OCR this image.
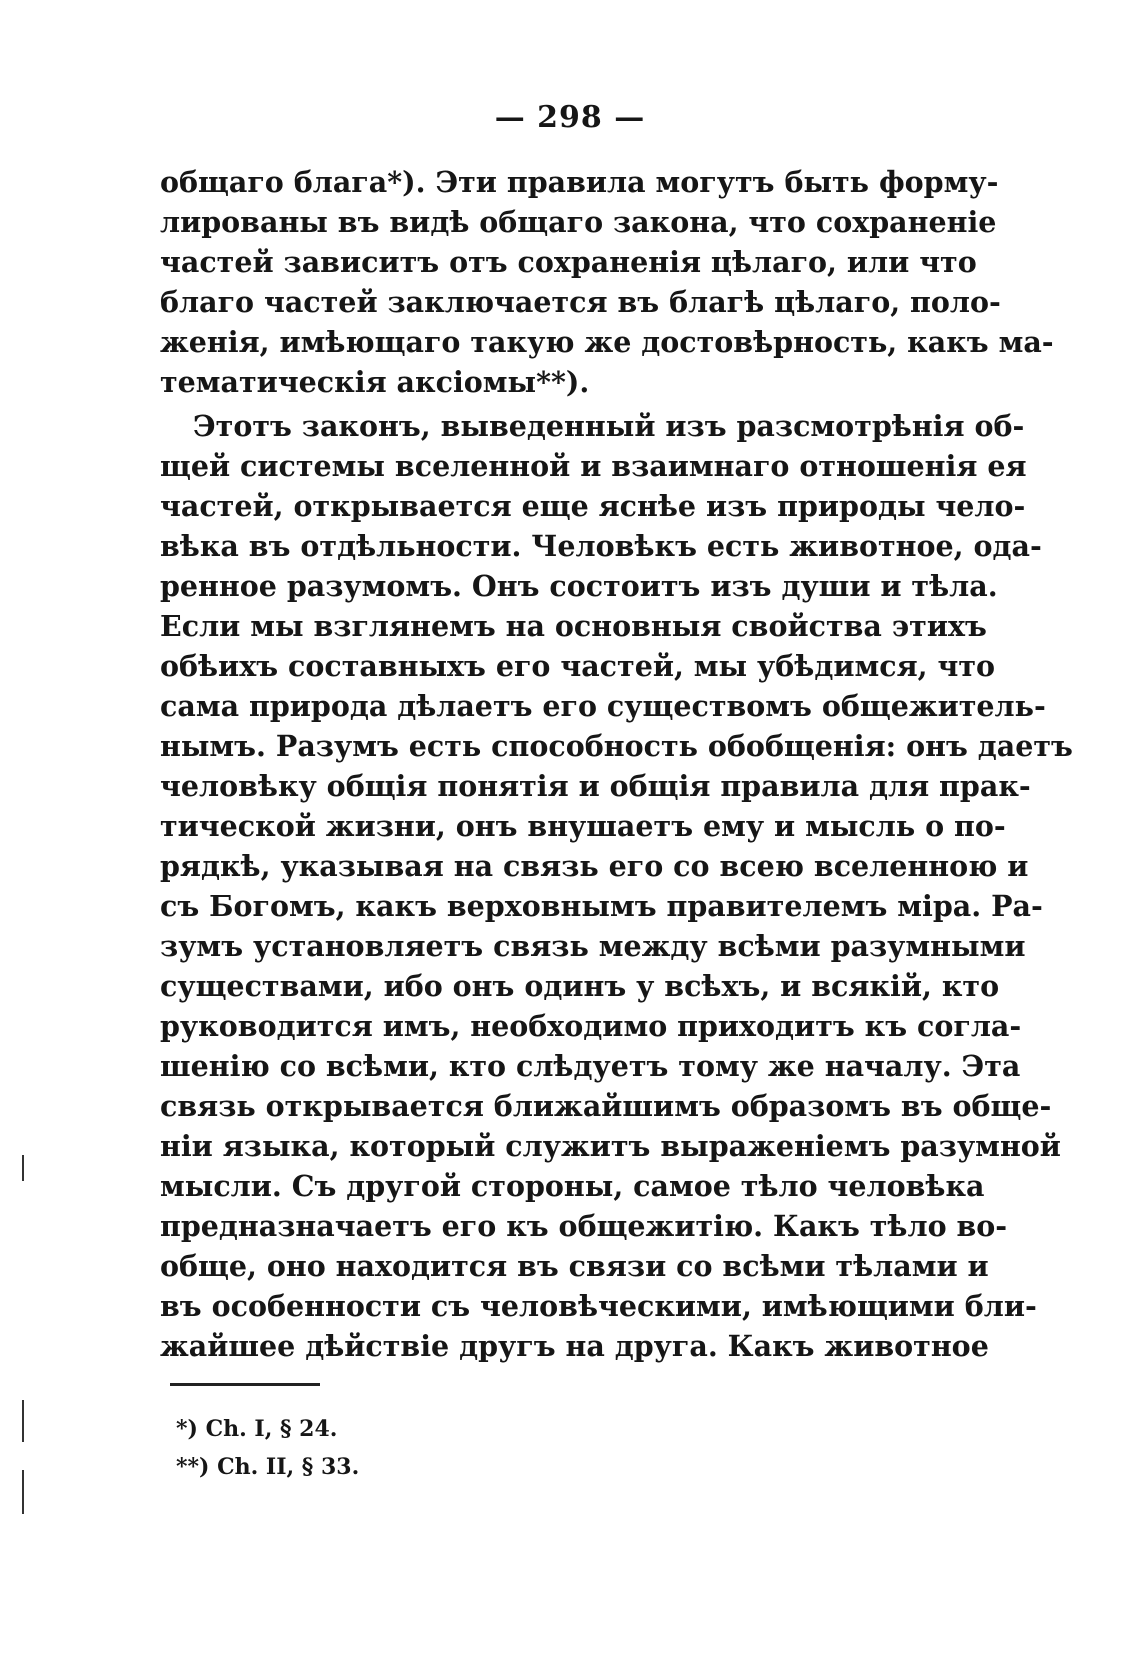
— 298 —
общаго блага*). Эти правила могутъ быть форму-
лированы въ видѣ общаго закона, что сохраненіе
частей зависитъ отъ сохраненія цѣлаго, или что
благо частей заключается въ благѣ цѣлаго, поло-
женія, имѣющаго такую же достовѣрность, какъ ма-
тематическія аксіомы**).
Этотъ законъ, выведенный изъ разсмотрѣнія об-
щей системы вселенной и взаимнаго отношенія ея
частей, открывается еще яснѣе изъ природы чело-
вѣка въ отдѣльности. Человѣкъ есть животное, ода-
ренное разумомъ. Онъ состоитъ изъ души и тѣла.
Если мы взглянемъ на основныя свойства этихъ
обѣихъ составныхъ его частей, мы убѣдимся, что
сама природа дѣлаетъ его существомъ общежитель-
нымъ. Разумъ есть способность обобщенія: онъ даетъ
человѣку общія понятія и общія правила для прак-
тической жизни, онъ внушаетъ ему и мысль о по-
рядкѣ, указывая на связь его со всею вселенною и
съ Богомъ, какъ верховнымъ правителемъ міра. Ра-
зумъ установляетъ связь между всѣми разумными
существами, ибо онъ одинъ у всѣхъ, и всякій, кто
руководится имъ, необходимо приходитъ къ согла-
шенію со всѣми, кто слѣдуетъ тому же началу. Эта
связь открывается ближайшимъ образомъ въ обще-
ніи языка, который служитъ выраженіемъ разумной
мысли. Съ другой стороны, самое тѣло человѣка
предназначаетъ его къ общежитію. Какъ тѣло во-
обще, оно находится въ связи со всѣми тѣлами и
въ особенности съ человѣческими, имѣющими бли-
жайшее дѣйствіе другъ на друга. Какъ животное
*) Ch. I, § 24.
**) Ch. II, § 33.
